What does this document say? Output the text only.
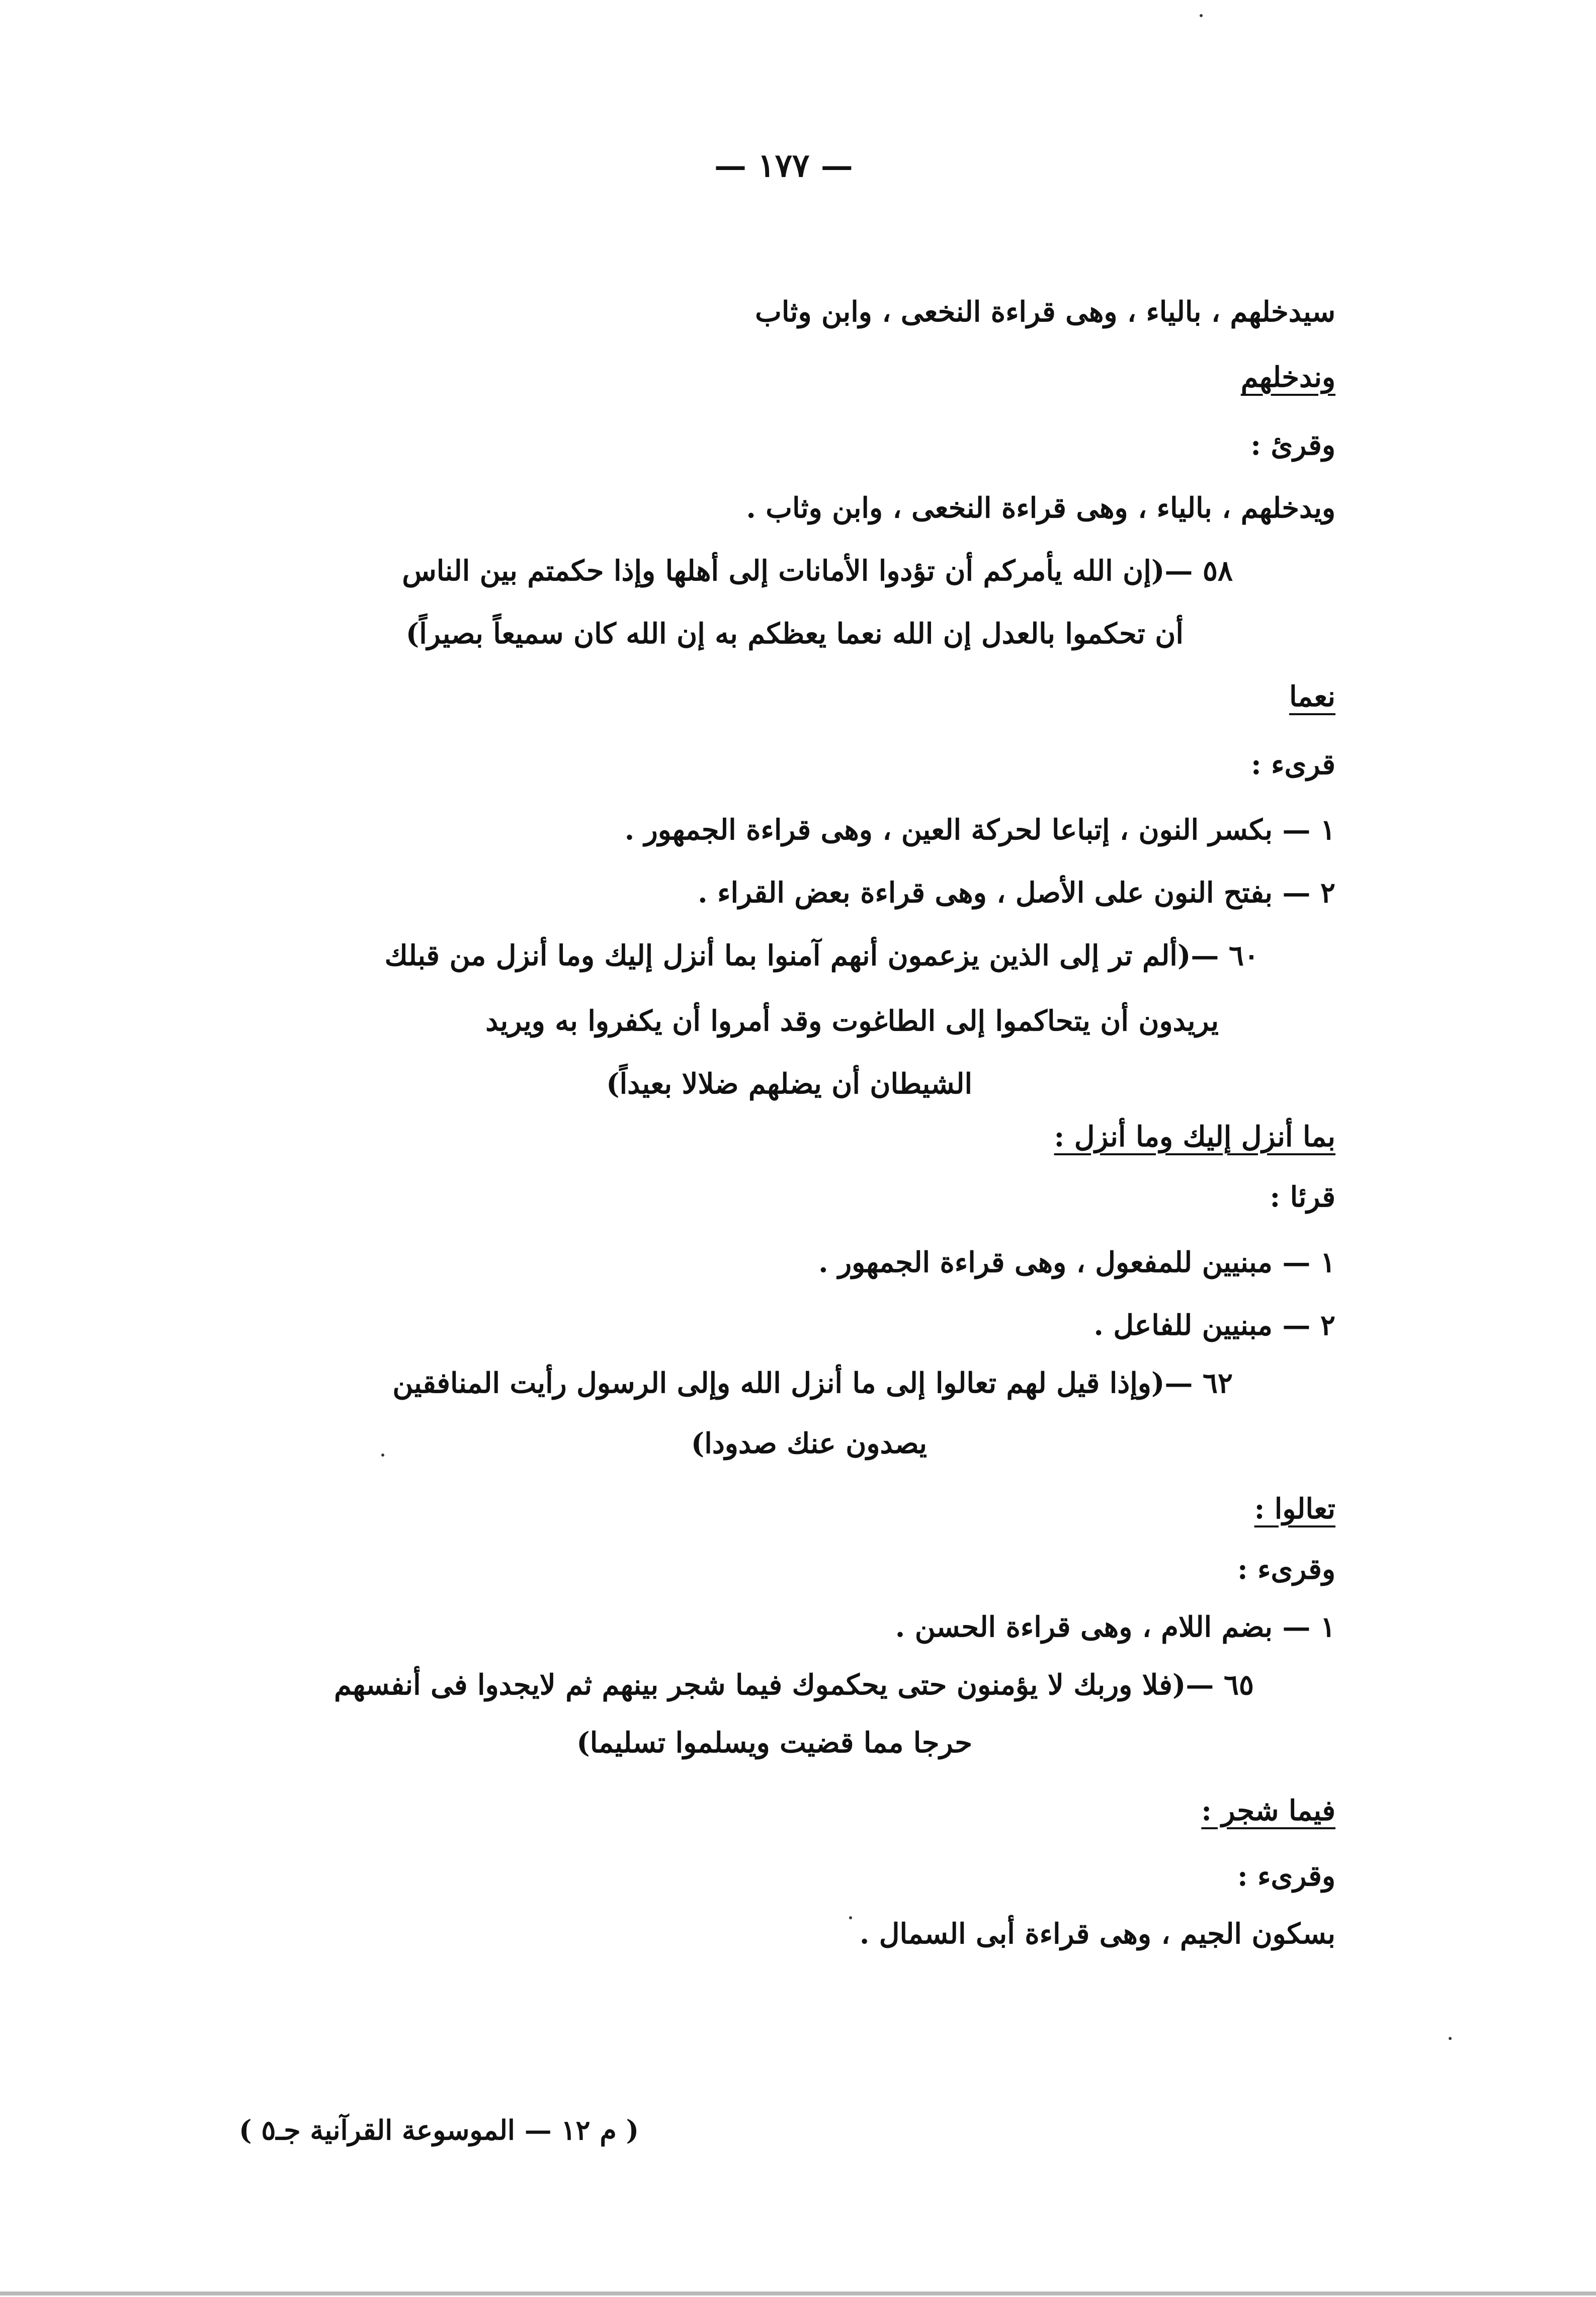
— ١٧٧ —
سيدخلهم ، بالياء ، وهى قراءة النخعى ، وابن وثاب
وندخلهم
وقرئ :
ويدخلهم ، بالياء ، وهى قراءة النخعى ، وابن وثاب .
٥٨ —(إن الله يأمركم أن تؤدوا الأمانات إلى أهلها وإذا حكمتم بين الناس
أن تحكموا بالعدل إن الله نعما يعظكم به إن الله كان سميعاً بصيراً)
نعما
قرىء :
١ — بكسر النون ، إتباعا لحركة العين ، وهى قراءة الجمهور .
٢ — بفتح النون على الأصل ، وهى قراءة بعض القراء .
٦٠ —(ألم تر إلى الذين يزعمون أنهم آمنوا بما أنزل إليك وما أنزل من قبلك
يريدون أن يتحاكموا إلى الطاغوت وقد أمروا أن يكفروا به ويريد
الشيطان أن يضلهم ضلالا بعيداً)
بما أنزل إليك وما أنزل :
قرئا :
١ — مبنيين للمفعول ، وهى قراءة الجمهور .
٢ — مبنيين للفاعل .
٦٢ —(وإذا قيل لهم تعالوا إلى ما أنزل الله وإلى الرسول رأيت المنافقين
يصدون عنك صدودا)
تعالوا :
وقرىء :
١ — بضم اللام ، وهى قراءة الحسن .
٦٥ —(فلا وربك لا يؤمنون حتى يحكموك فيما شجر بينهم ثم لايجدوا فى أنفسهم
حرجا مما قضيت ويسلموا تسليما)
فيما شجر :
وقرىء :
بسكون الجيم ، وهى قراءة أبى السمال .
( م ١٢ — الموسوعة القرآنية جـ٥ )
